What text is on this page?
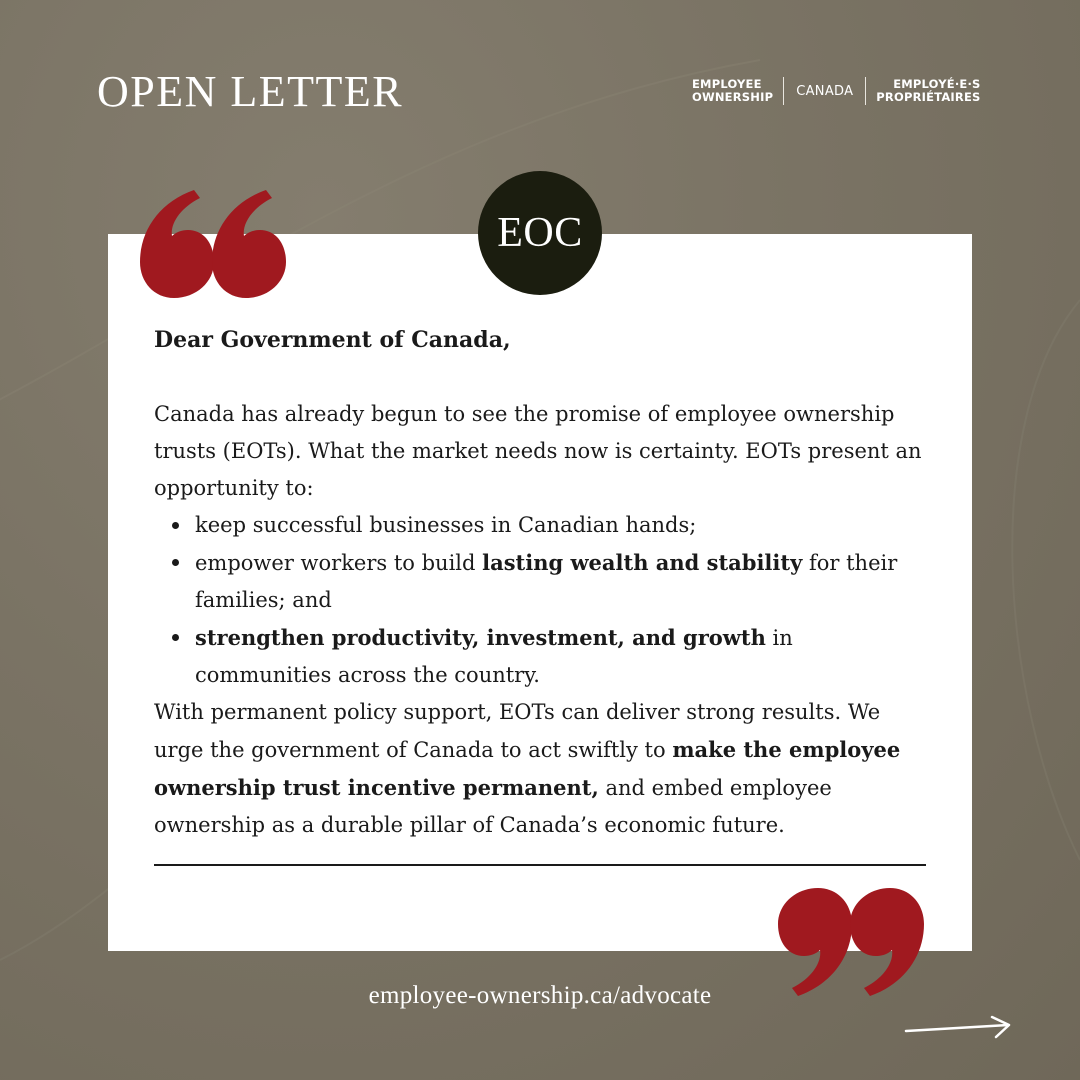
OPEN LETTER	EMPLOYEE
OWNERSHIP	CANADA	EMPLOYÉ·E·S
PROPRIÉTAIRES
EOC
Dear Government of Canada,

Canada has already begun to see the promise of employee ownership trusts (EOTs). What the market needs now is certainty. EOTs present an opportunity to:

keep successful businesses in Canadian hands;
empower workers to build lasting wealth and stability for their families; and
strengthen productivity, investment, and growth in communities across the country.

With permanent policy support, EOTs can deliver strong results. We urge the government of Canada to act swiftly to make the employee ownership trust incentive permanent, and embed employee ownership as a durable pillar of Canada’s economic future.

employee-ownership.ca/advocate
